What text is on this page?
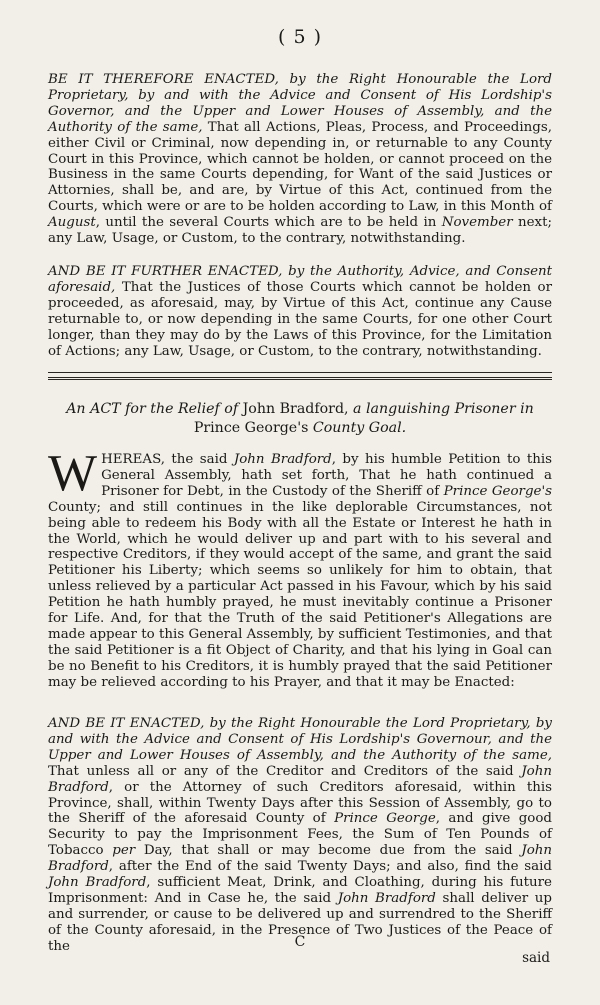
( 5 )

BE IT THEREFORE ENACTED, by the Right Honourable the Lord Proprietary, by and with the Advice and Consent of His Lordship's Governor, and the Upper and Lower Houses of Assembly, and the Authority of the same, That all Actions, Pleas, Process, and Proceedings, either Civil or Criminal, now depending in, or returnable to any County Court in this Province, which cannot be holden, or cannot proceed on the Business in the same Courts depending, for Want of the said Justices or Attornies, shall be, and are, by Virtue of this Act, continued from the Courts, which were or are to be holden according to Law, in this Month of August, until the several Courts which are to be held in November next; any Law, Usage, or Custom, to the contrary, notwithstanding.

AND BE IT FURTHER ENACTED, by the Authority, Advice, and Consent aforesaid, That the Justices of those Courts which cannot be holden or proceeded, as aforesaid, may, by Virtue of this Act, continue any Cause returnable to, or now depending in the same Courts, for one other Court longer, than they may do by the Laws of this Province, for the Limitation of Actions; any Law, Usage, or Custom, to the contrary, notwithstanding.

An ACT for the Relief of John Bradford, a languishing Prisoner in Prince George's County Goal.

WHEREAS, the said John Bradford, by his humble Petition to this General Assembly, hath set forth, That he hath continued a Prisoner for Debt, in the Custody of the Sheriff of Prince George's County; and still continues in the like deplorable Circumstances, not being able to redeem his Body with all the Estate or Interest he hath in the World, which he would deliver up and part with to his several and respective Creditors, if they would accept of the same, and grant the said Petitioner his Liberty; which seems so unlikely for him to obtain, that unless relieved by a particular Act passed in his Favour, which by his said Petition he hath humbly prayed, he must inevitably continue a Prisoner for Life. And, for that the Truth of the said Petitioner's Allegations are made appear to this General Assembly, by sufficient Testimonies, and that the said Petitioner is a fit Object of Charity, and that his lying in Goal can be no Benefit to his Creditors, it is humbly prayed that the said Petitioner may be relieved according to his Prayer, and that it may be Enacted:

AND BE IT ENACTED, by the Right Honourable the Lord Proprietary, by and with the Advice and Consent of His Lordship's Governour, and the Upper and Lower Houses of Assembly, and the Authority of the same, That unless all or any of the Creditor and Creditors of the said John Bradford, or the Attorney of such Creditors aforesaid, within this Province, shall, within Twenty Days after this Session of Assembly, go to the Sheriff of the aforesaid County of Prince George, and give good Security to pay the Imprisonment Fees, the Sum of Ten Pounds of Tobacco per Day, that shall or may become due from the said John Bradford, after the End of the said Twenty Days; and also, find the said John Bradford, sufficient Meat, Drink, and Cloathing, during his future Imprisonment: And in Case he, the said John Bradford shall deliver up and surrender, or cause to be delivered up and surrendred to the Sheriff of the County aforesaid, in the Presence of Two Justices of the Peace of the	C
said
